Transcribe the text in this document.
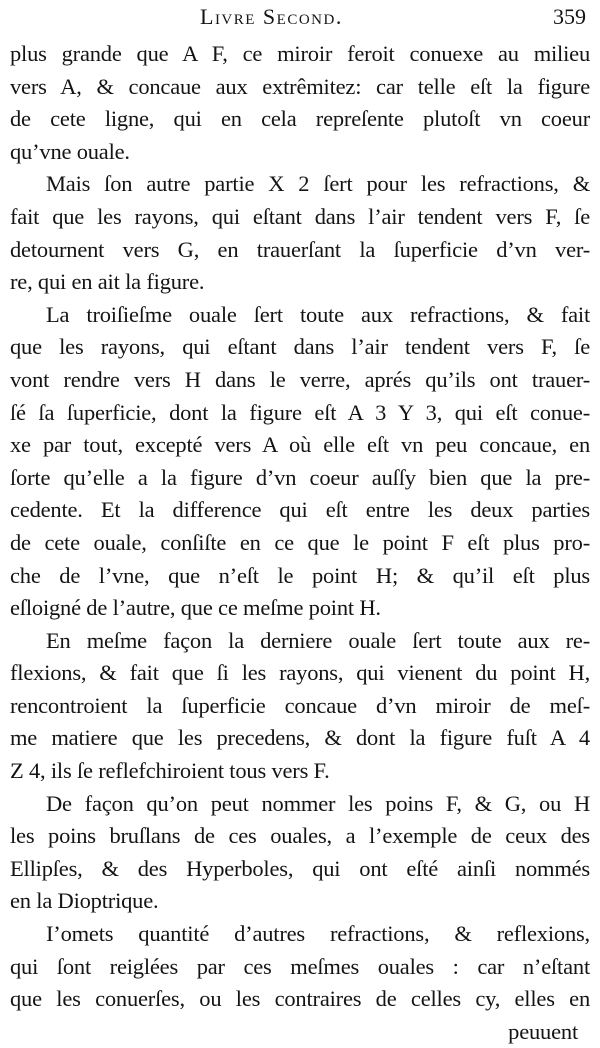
Livre Second.	359
plus grande que A F, ce miroir feroit conuexe au milieu
vers A, & concaue aux extrêmitez: car telle eſt la figure
de cete ligne, qui en cela repreſente plutoſt vn coeur
qu’vne ouale.
Mais ſon autre partie X 2 ſert pour les refractions, &
fait que les rayons, qui eſtant dans l’air tendent vers F, ſe
detournent vers G, en trauerſant la ſuperficie d’vn ver-
re, qui en ait la figure.
La troiſieſme ouale ſert toute aux refractions, & fait
que les rayons, qui eſtant dans l’air tendent vers F, ſe
vont rendre vers H dans le verre, aprés qu’ils ont trauer-
ſé ſa ſuperficie, dont la figure eſt A 3 Y 3, qui eſt conue-
xe par tout, excepté vers A où elle eſt vn peu concaue, en
ſorte qu’elle a la figure d’vn coeur auſſy bien que la pre-
cedente. Et la difference qui eſt entre les deux parties
de cete ouale, conſiſte en ce que le point F eſt plus pro-
che de l’vne, que n’eſt le point H; & qu’il eſt plus
eſloigné de l’autre, que ce meſme point H.
En meſme façon la derniere ouale ſert toute aux re-
flexions, & fait que ſi les rayons, qui vienent du point H,
rencontroient la ſuperficie concaue d’vn miroir de meſ-
me matiere que les precedens, & dont la figure fuſt A 4
Z 4, ils ſe reflefchiroient tous vers F.
De façon qu’on peut nommer les poins F, & G, ou H
les poins bruſlans de ces ouales, a l’exemple de ceux des
Ellipſes, & des Hyperboles, qui ont eſté ainſi nommés
en la Dioptrique.
I’omets quantité d’autres refractions, & reflexions,
qui ſont reiglées par ces meſmes ouales : car n’eſtant
que les conuerſes, ou les contraires de celles cy, elles en
peuuent
